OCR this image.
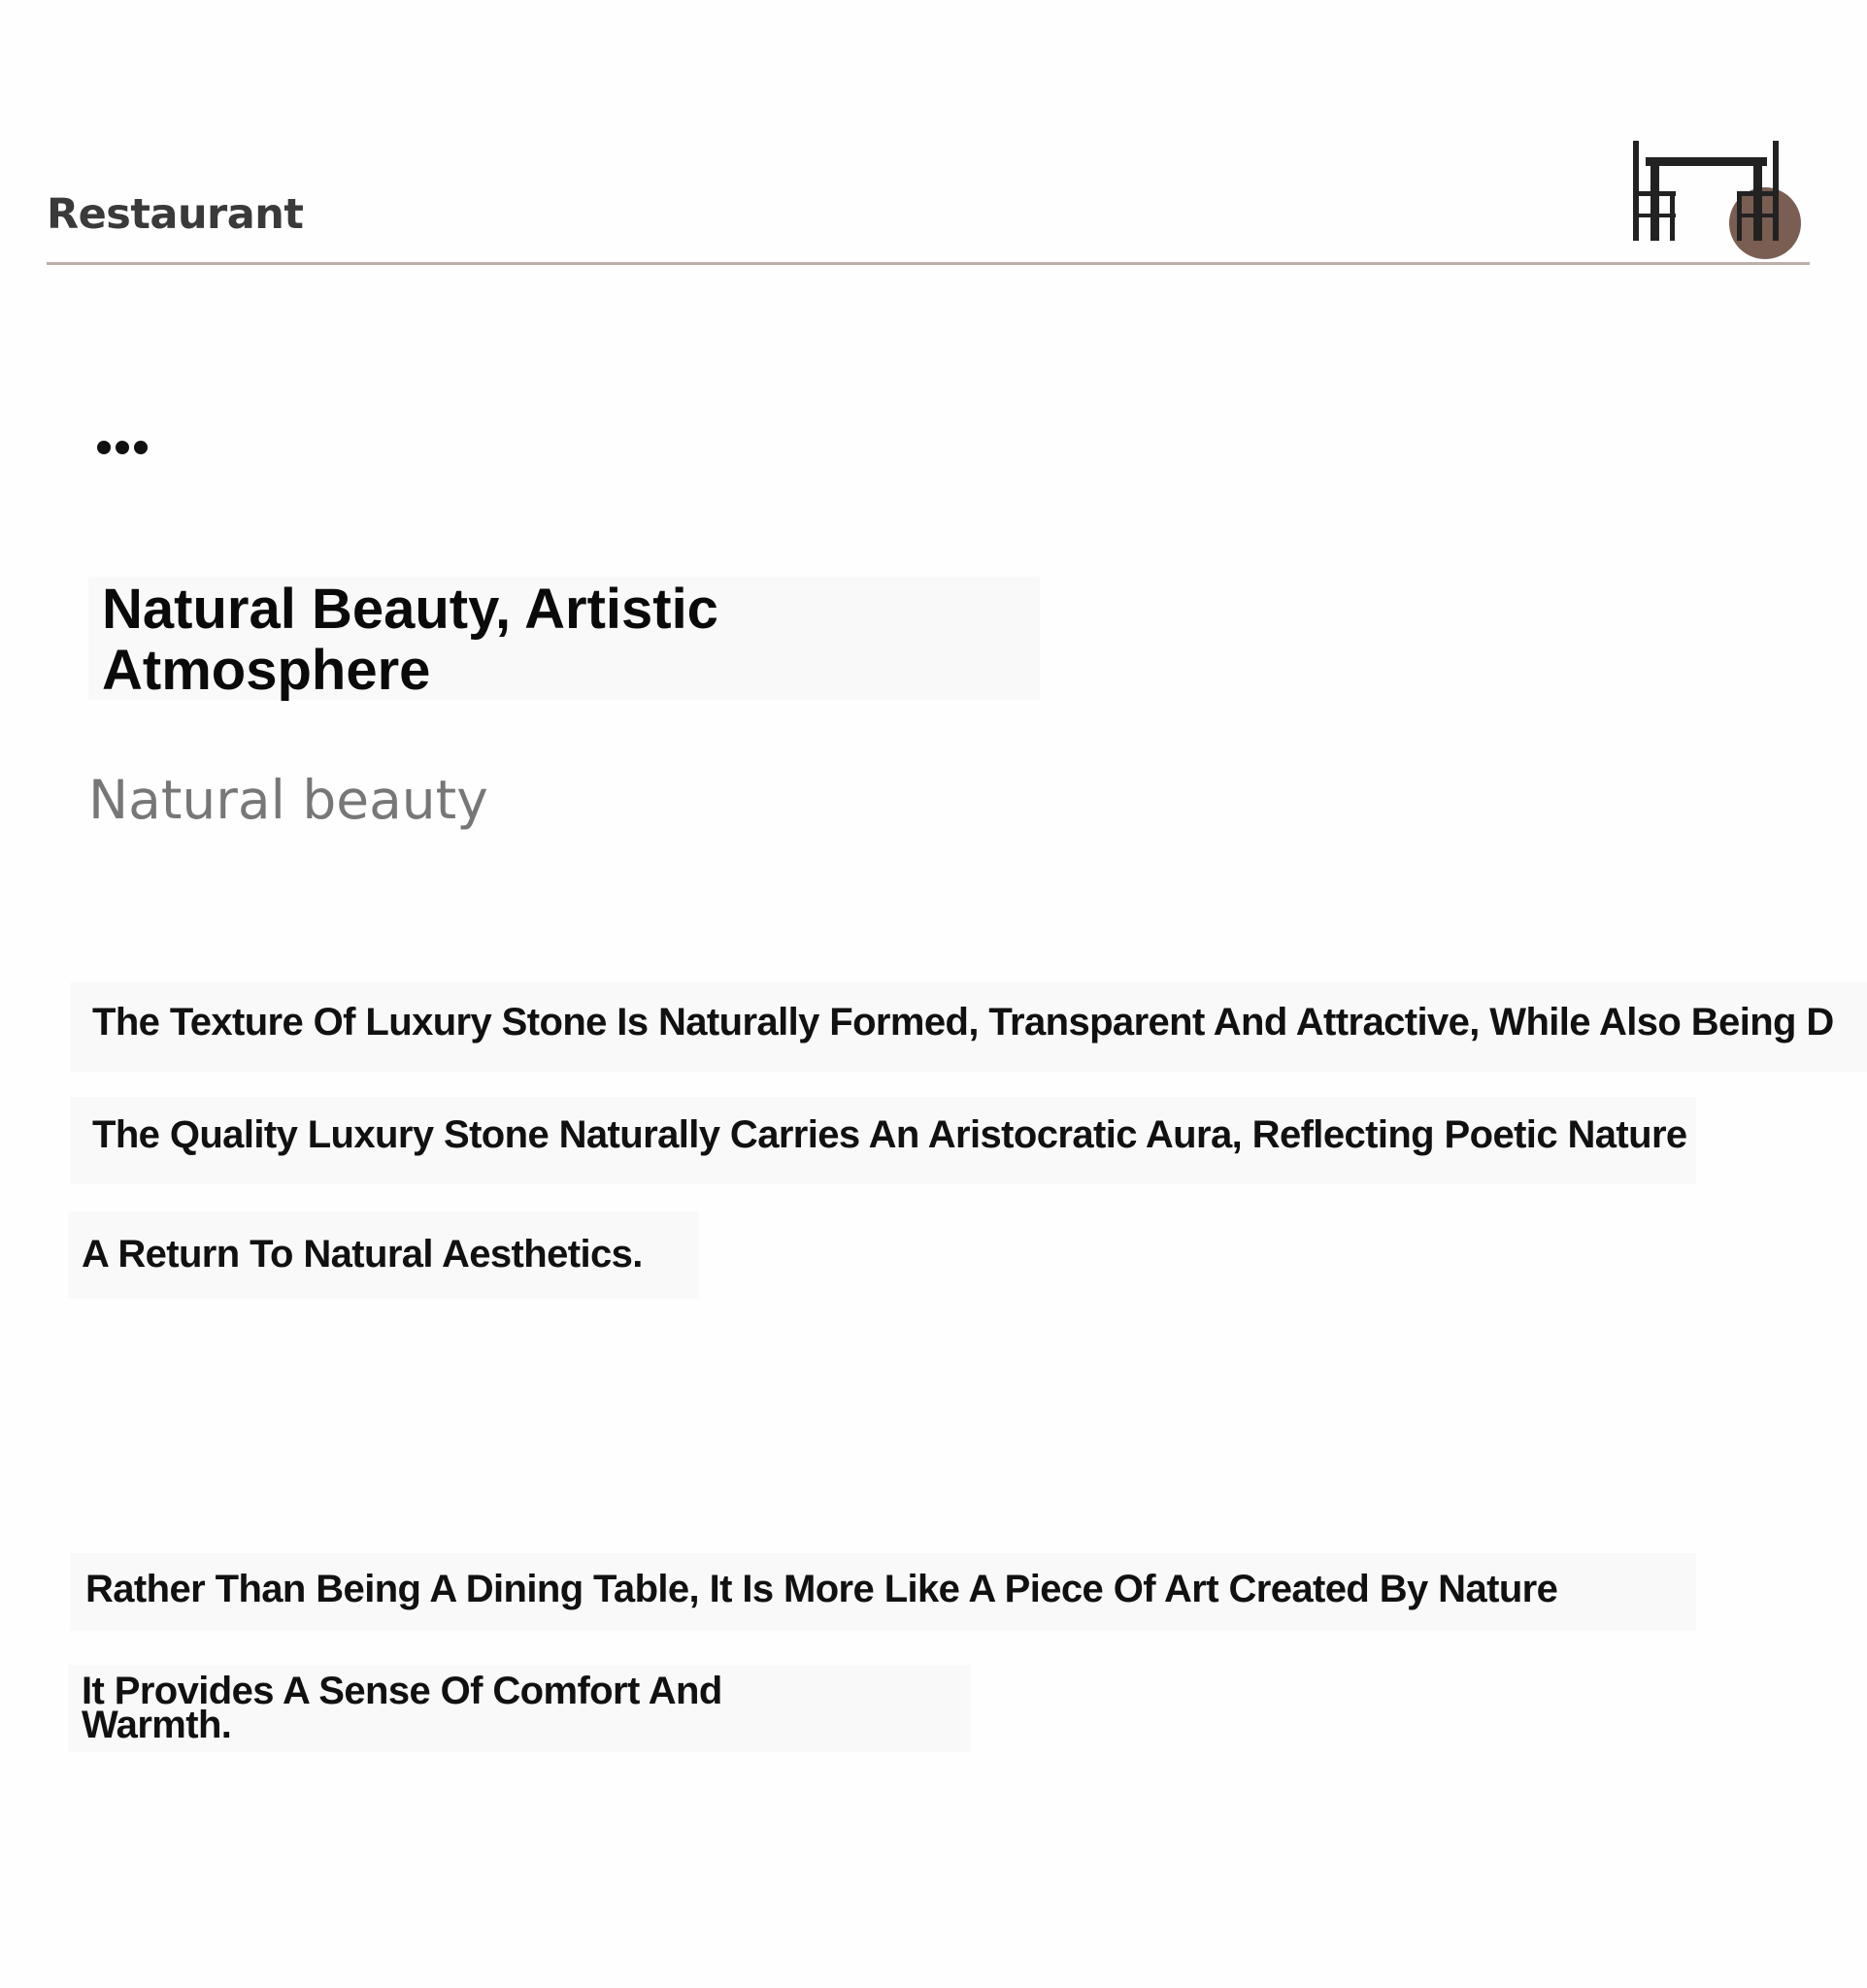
Restaurant
Natural Beauty, Artistic
Atmosphere
Natural beauty
The Texture Of Luxury Stone Is Naturally Formed, Transparent And Attractive, While Also Being D
The Quality Luxury Stone Naturally Carries An Aristocratic Aura, Reflecting Poetic Nature
A Return To Natural Aesthetics.
Rather Than Being A Dining Table, It Is More Like A Piece Of Art Created By Nature
It Provides A Sense Of Comfort And
Warmth.
